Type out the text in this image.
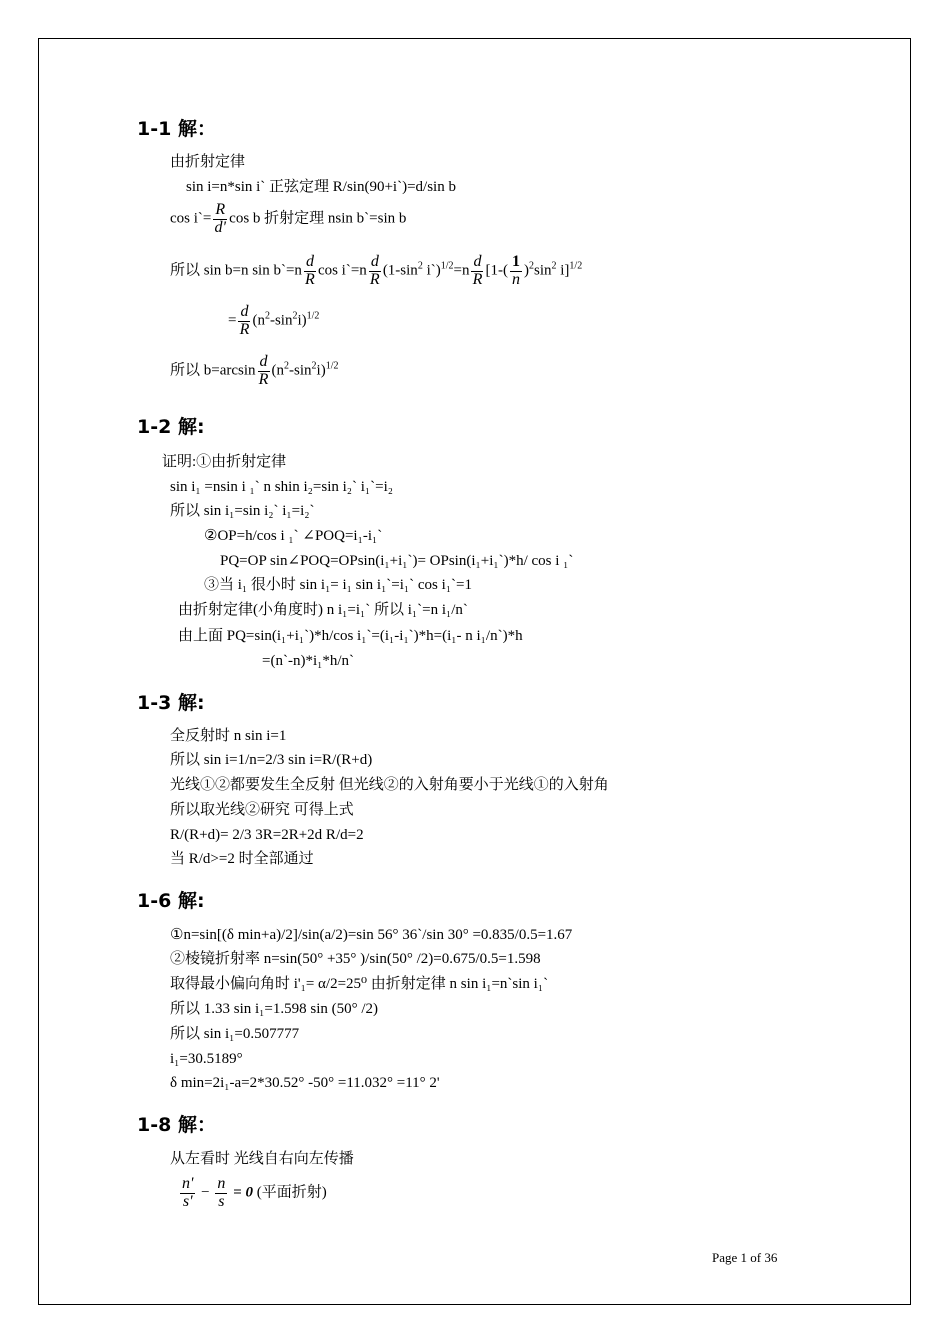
1-1 解：
由折射定律
sin i=n*sin i` 正弦定理 R/sin(90+i`)=d/sin b
cos i`= $\frac{R}{d'}$ cos b 折射定理 nsin b`=sin b
所以 sin b=n sin b`=n $\frac{d}{R}$ cos i`=n $\frac{d}{R} (1-\sin^2$ i`)$^{1/2}$=n $\frac{d}{R} [1-( \frac{1}{n} )^2\sin^2$ i]$^{1/2}$
= $\frac{d}{R} (n^2-\sin^2i)^{1/2}$
所以 $b=\arcsin \frac{d}{R} (n^2-\sin^2i)^{1/2}$
1-2 解:
证明:①由折射定律
sin i₁ =nsin i ₁` n shin i₂=sin i₂` i₁`=i₂
所以 sin i₁=sin i₂` i₁=i₂`
②OP=h/cos i ₁` ∠POQ=i₁-i₁`
PQ=OP sin∠POQ=OPsin(i₁+i₁`)= OPsin(i₁+i₁`)*h/ cos i ₁`
③当 i₁ 很小时 sin i₁= i₁ sin i₁`=i₁` cos i₁`=1
由折射定律(小角度时) n i₁=i₁` 所以 i₁`=n i₁/n`
由上面 PQ=sin(i₁+i₁`)*h/cos i₁`=(i₁-i₁`)*h=(i₁- n i₁/n`)*h
=(n`-n)*i₁*h/n`
1-3 解:
全反射时 n sin i=1
所以 sin i=1/n=2/3 sin i=R/(R+d)
光线①②都要发生全反射 但光线②的入射角要小于光线①的入射角
所以取光线②研究 可得上式
R/(R+d)= 2/3 3R=2R+2d R/d=2
当 R/d>=2 时全部通过
1-6 解:
①n=sin[(δ min+a)/2]/sin(a/2)=sin 56° 36`/sin 30° =0.835/0.5=1.67
②棱镜折射率 n=sin(50° +35° )/sin(50° /2)=0.675/0.5=1.598
取得最小偏向角时 i'₁= α/2=25⁰ 由折射定律 n sin i₁=n`sin i₁`
所以 1.33 sin i₁=1.598 sin (50° /2)
所以 sin i₁=0.507777
i₁=30.5189°
δ min=2i₁-a=2*30.52° -50° =11.032° =11° 2'
1-8 解：
从左看时 光线自右向左传播
$\frac{n'}{s'} - \frac{n}{s} = 0$ (平面折射)
Page 1 of 36
